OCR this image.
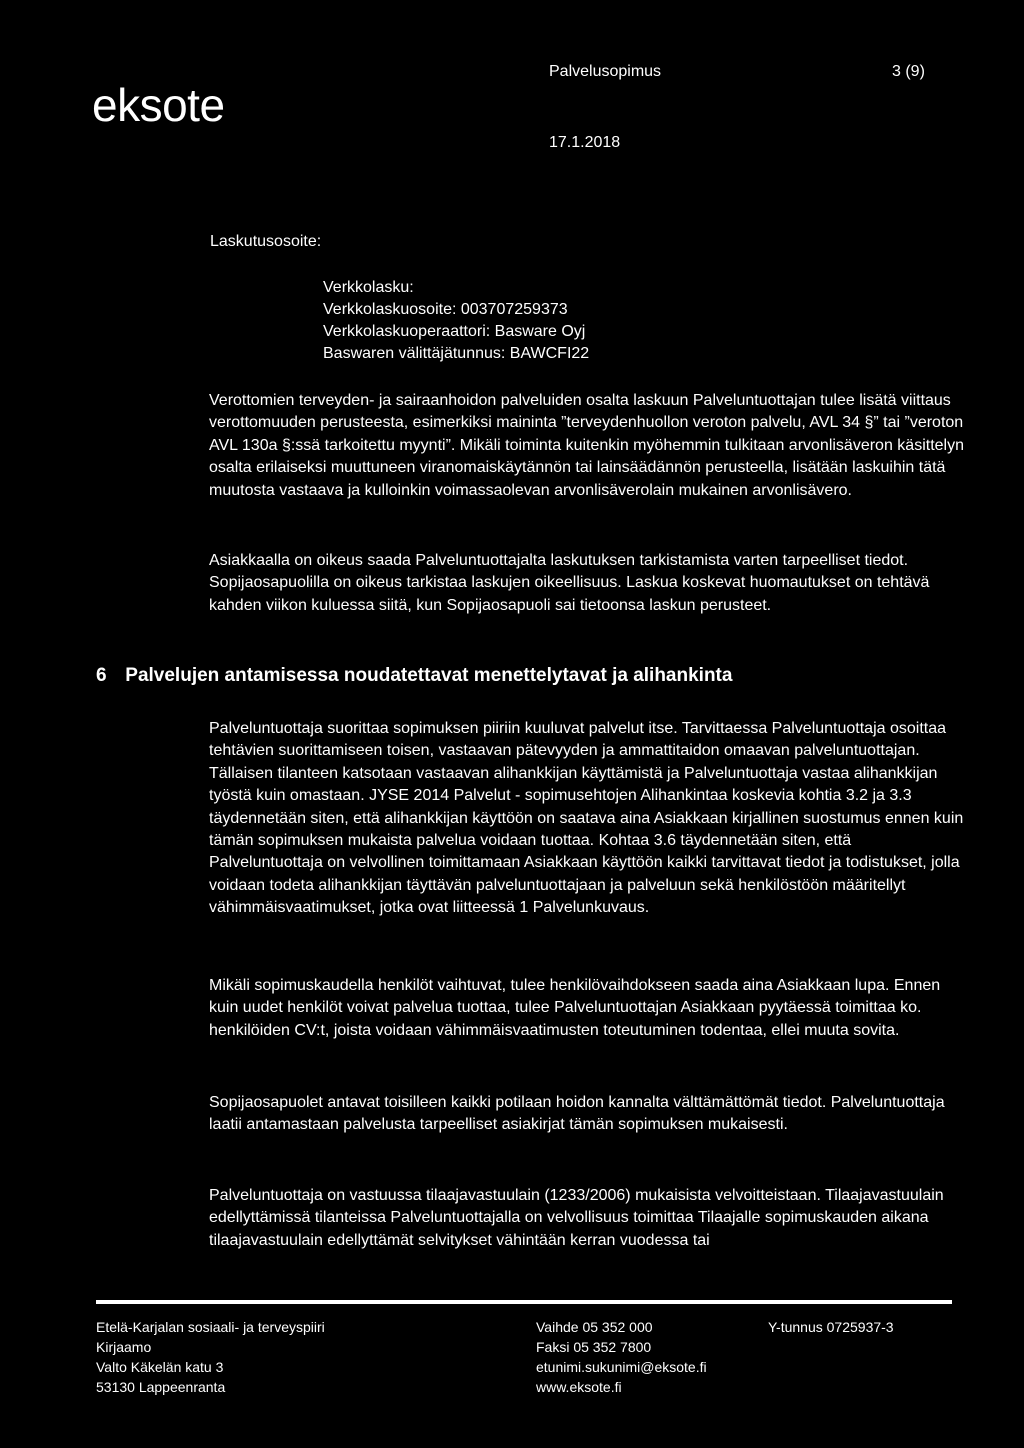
eksote
Palvelusopimus	3 (9)
17.1.2018
Laskutusosoite:
Verkkolasku:
Verkkolaskuosoite: 003707259373
Verkkolaskuoperaattori: Basware Oyj
Baswaren välittäjätunnus: BAWCFI22

Verottomien terveyden- ja sairaanhoidon palveluiden osalta laskuun Palveluntuottajan tulee lisätä viittaus verottomuuden perusteesta, esimerkiksi maininta ”terveydenhuollon veroton palvelu, AVL 34 §” tai ”veroton AVL 130a §:ssä tarkoitettu myynti”. Mikäli toiminta kuitenkin myöhemmin tulkitaan arvonlisäveron käsittelyn osalta erilaiseksi muuttuneen viranomaiskäytännön tai lainsäädännön perusteella, lisätään laskuihin tätä muutosta vastaava ja kulloinkin voimassaolevan arvonlisäverolain mukainen arvonlisävero.

Asiakkaalla on oikeus saada Palveluntuottajalta laskutuksen tarkistamista varten tarpeelliset tiedot. Sopijaosapuolilla on oikeus tarkistaa laskujen oikeellisuus. Laskua koskevat huomautukset on tehtävä kahden viikon kuluessa siitä, kun Sopijaosapuoli sai tietoonsa laskun perusteet.

6 Palvelujen antamisessa noudatettavat menettelytavat ja alihankinta

Palveluntuottaja suorittaa sopimuksen piiriin kuuluvat palvelut itse. Tarvittaessa Palveluntuottaja osoittaa tehtävien suorittamiseen toisen, vastaavan pätevyyden ja ammattitaidon omaavan palveluntuottajan. Tällaisen tilanteen katsotaan vastaavan alihankkijan käyttämistä ja Palveluntuottaja vastaa alihankkijan työstä kuin omastaan. JYSE 2014 Palvelut - sopimusehtojen Alihankintaa koskevia kohtia 3.2 ja 3.3 täydennetään siten, että alihankkijan käyttöön on saatava aina Asiakkaan kirjallinen suostumus ennen kuin tämän sopimuksen mukaista palvelua voidaan tuottaa. Kohtaa 3.6 täydennetään siten, että Palveluntuottaja on velvollinen toimittamaan Asiakkaan käyttöön kaikki tarvittavat tiedot ja todistukset, jolla voidaan todeta alihankkijan täyttävän palveluntuottajaan ja palveluun sekä henkilöstöön määritellyt vähimmäisvaatimukset, jotka ovat liitteessä 1 Palvelunkuvaus.

Mikäli sopimuskaudella henkilöt vaihtuvat, tulee henkilövaihdokseen saada aina Asiakkaan lupa. Ennen kuin uudet henkilöt voivat palvelua tuottaa, tulee Palveluntuottajan Asiakkaan pyytäessä toimittaa ko. henkilöiden CV:t, joista voidaan vähimmäisvaatimusten toteutuminen todentaa, ellei muuta sovita.

Sopijaosapuolet antavat toisilleen kaikki potilaan hoidon kannalta välttämättömät tiedot. Palveluntuottaja laatii antamastaan palvelusta tarpeelliset asiakirjat tämän sopimuksen mukaisesti.

Palveluntuottaja on vastuussa tilaajavastuulain (1233/2006) mukaisista velvoitteistaan. Tilaajavastuulain edellyttämissä tilanteissa Palveluntuottajalla on velvollisuus toimittaa Tilaajalle sopimuskauden aikana tilaajavastuulain edellyttämät selvitykset vähintään kerran vuodessa tai

Etelä-Karjalan sosiaali- ja terveyspiiri
Kirjaamo
Valto Käkelän katu 3
53130 Lappeenranta
Vaihde 05 352 000
Faksi 05 352 7800
etunimi.sukunimi@eksote.fi
www.eksote.fi
Y-tunnus 0725937-3
